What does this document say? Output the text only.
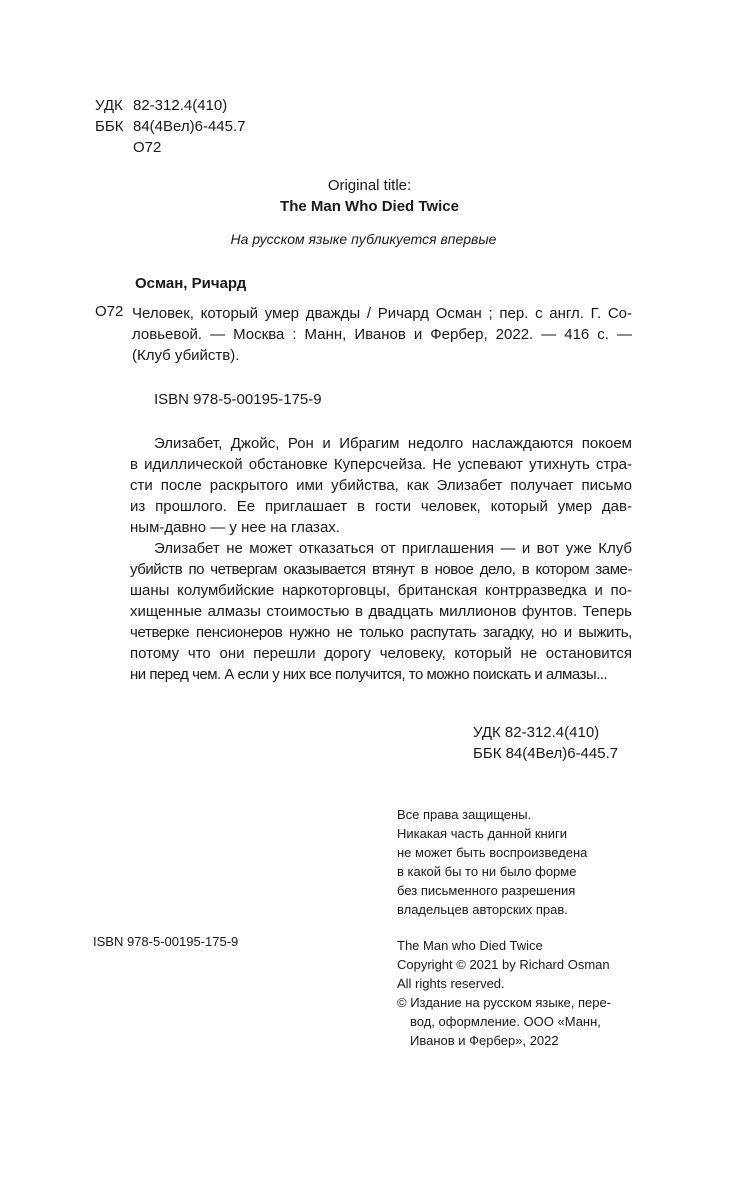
УДК 82-312.4(410)
ББК 84(4Вел)6-445.7
О72
Original title:
The Man Who Died Twice
На русском языке публикуется впервые
Осман, Ричард
О72 Человек, который умер дважды / Ричард Осман ; пер. с англ. Г. Со-
ловьевой. — Москва : Манн, Иванов и Фербер, 2022. — 416 с. —
(Клуб убийств).
ISBN 978-5-00195-175-9
Элизабет, Джойс, Рон и Ибрагим недолго наслаждаются покоем
в идиллической обстановке Куперсчейза. Не успевают утихнуть стра-
сти после раскрытого ими убийства, как Элизабет получает письмо
из прошлого. Ее приглашает в гости человек, который умер дав-
ным-давно — у нее на глазах.
Элизабет не может отказаться от приглашения — и вот уже Клуб
убийств по четвергам оказывается втянут в новое дело, в котором заме-
шаны колумбийские наркоторговцы, британская контрразведка и по-
хищенные алмазы стоимостью в двадцать миллионов фунтов. Теперь
четверке пенсионеров нужно не только распутать загадку, но и выжить,
потому что они перешли дорогу человеку, который не остановится
ни перед чем. А если у них все получится, то можно поискать и алмазы...
УДК 82-312.4(410)
ББК 84(4Вел)6-445.7
Все права защищены.
Никакая часть данной книги
не может быть воспроизведена
в какой бы то ни было форме
без письменного разрешения
владельцев авторских прав.
ISBN 978-5-00195-175-9	The Man who Died Twice
Copyright © 2021 by Richard Osman
All rights reserved.
© Издание на русском языке, пере-
вод, оформление. ООО «Манн,
Иванов и Фербер», 2022
